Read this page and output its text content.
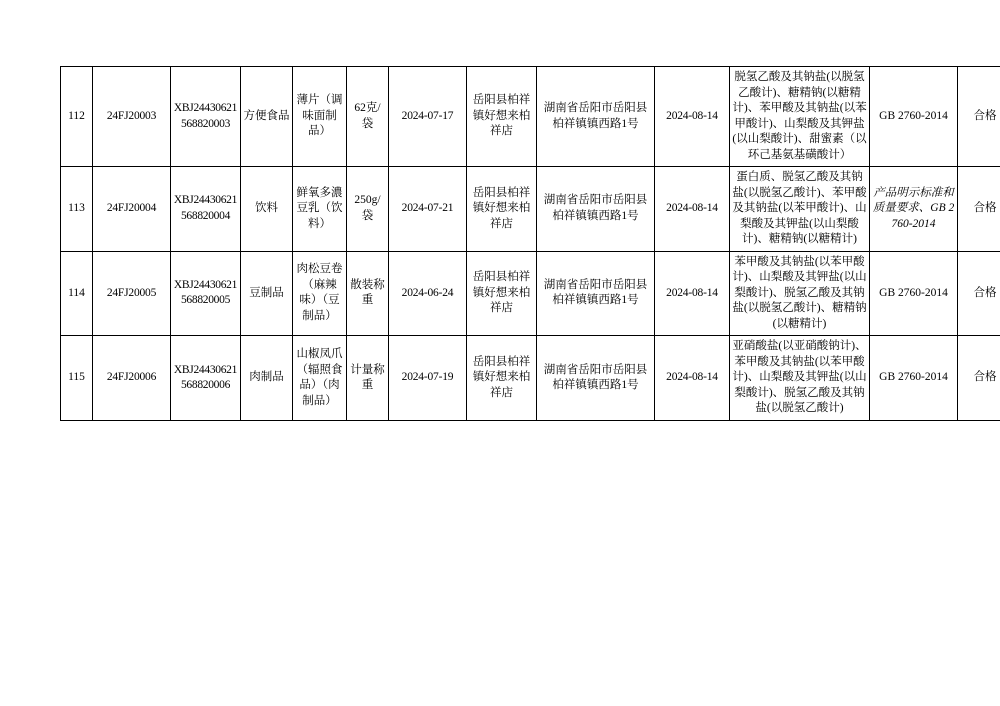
112	24FJ20003	XBJ24430621568820003	方便食品	薄片（调味面制品）	62克/袋	2024-07-17	岳阳县柏祥镇好想来柏祥店	湖南省岳阳市岳阳县柏祥镇镇西路1号	2024-08-14	脱氢乙酸及其钠盐(以脱氢乙酸计)、糖精钠(以糖精计)、苯甲酸及其钠盐(以苯甲酸计)、山梨酸及其钾盐(以山梨酸计)、甜蜜素（以环己基氨基磺酸计）	GB 2760-2014	合格
113	24FJ20004	XBJ24430621568820004	饮料	鲜氧多濃豆乳（饮料）	250g/袋	2024-07-21	岳阳县柏祥镇好想来柏祥店	湖南省岳阳市岳阳县柏祥镇镇西路1号	2024-08-14	蛋白质、脱氢乙酸及其钠盐(以脱氢乙酸计)、苯甲酸及其钠盐(以苯甲酸计)、山梨酸及其钾盐(以山梨酸计)、糖精钠(以糖精计)	产品明示标准和质量要求、GB 2760-2014	合格
114	24FJ20005	XBJ24430621568820005	豆制品	肉松豆卷（麻辣味）（豆制品）	散装称重	2024-06-24	岳阳县柏祥镇好想来柏祥店	湖南省岳阳市岳阳县柏祥镇镇西路1号	2024-08-14	苯甲酸及其钠盐(以苯甲酸计)、山梨酸及其钾盐(以山梨酸计)、脱氢乙酸及其钠盐(以脱氢乙酸计)、糖精钠(以糖精计)	GB 2760-2014	合格
115	24FJ20006	XBJ24430621568820006	肉制品	山椒凤爪（辐照食品）（肉制品）	计量称重	2024-07-19	岳阳县柏祥镇好想来柏祥店	湖南省岳阳市岳阳县柏祥镇镇西路1号	2024-08-14	亚硝酸盐(以亚硝酸钠计)、苯甲酸及其钠盐(以苯甲酸计)、山梨酸及其钾盐(以山梨酸计)、脱氢乙酸及其钠盐(以脱氢乙酸计)	GB 2760-2014	合格
